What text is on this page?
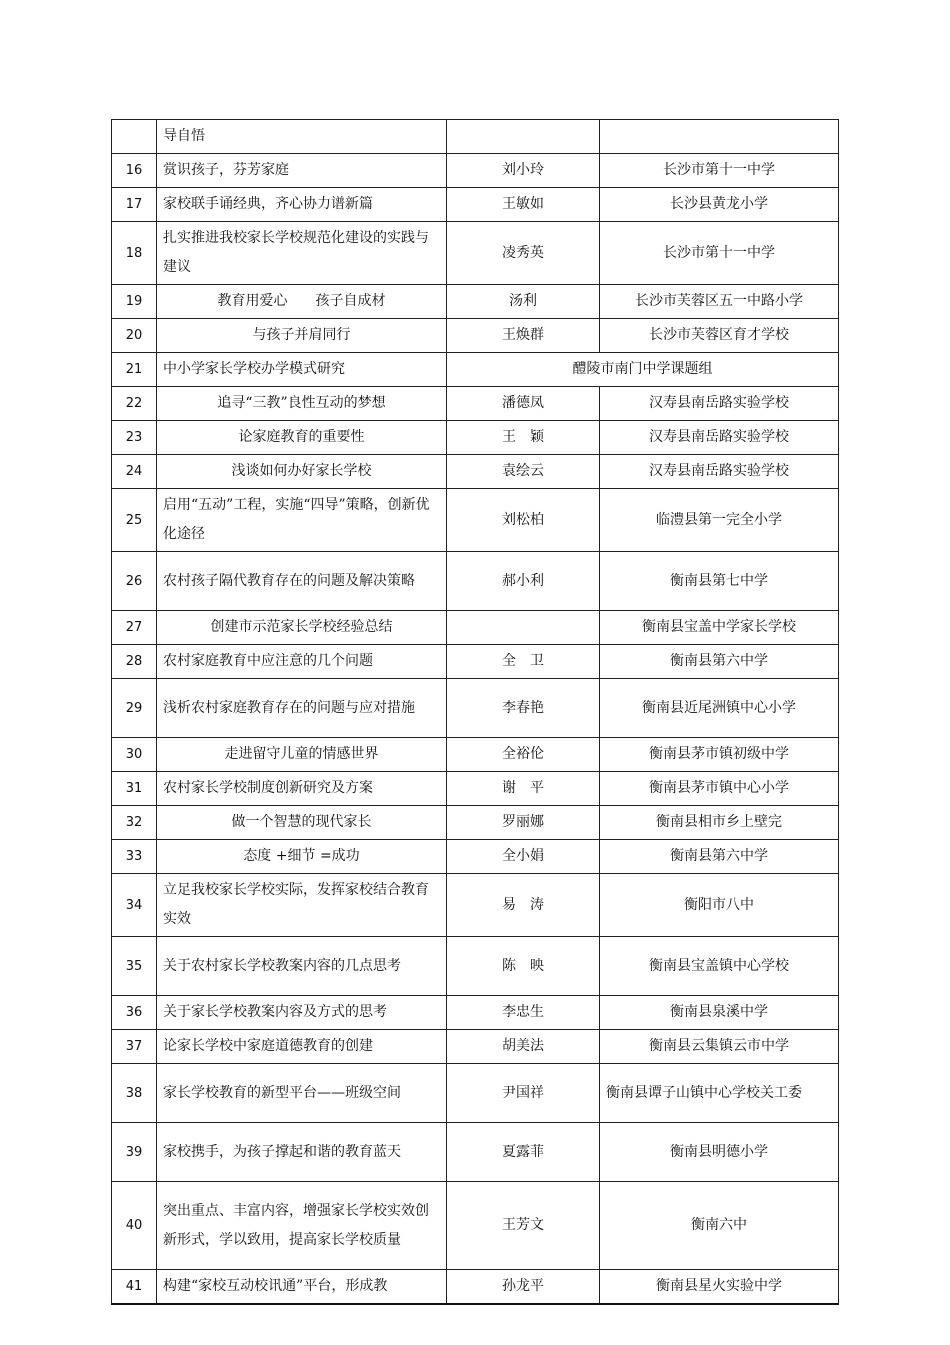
	导自悟		
16	赏识孩子，芬芳家庭	刘小玲	长沙市第十一中学
17	家校联手诵经典，齐心协力谱新篇	王敏如	长沙县黄龙小学
18	扎实推进我校家长学校规范化建设的实践与建议	凌秀英	长沙市第十一中学
19	教育用爱心　　孩子自成材	汤利	长沙市芙蓉区五一中路小学
20	与孩子并肩同行	王焕群	长沙市芙蓉区育才学校
21	中小学家长学校办学模式研究	醴陵市南门中学课题组	
22	追寻“三教”良性互动的梦想	潘德凤	汉寿县南岳路实验学校
23	论家庭教育的重要性	王　颖	汉寿县南岳路实验学校
24	浅谈如何办好家长学校	袁绘云	汉寿县南岳路实验学校
25	启用“五动”工程，实施“四导”策略，创新优化途径	刘松柏	临澧县第一完全小学
26	农村孩子隔代教育存在的问题及解决策略	郝小利	衡南县第七中学
27	创建市示范家长学校经验总结		衡南县宝盖中学家长学校
28	农村家庭教育中应注意的几个问题	全　卫	衡南县第六中学
29	浅析农村家庭教育存在的问题与应对措施	李春艳	衡南县近尾洲镇中心小学
30	走进留守儿童的情感世界	全裕伦	衡南县茅市镇初级中学
31	农村家长学校制度创新研究及方案	谢　平	衡南县茅市镇中心小学
32	做一个智慧的现代家长	罗丽娜	衡南县相市乡上壁完
33	态度 +细节 =成功	全小娟	衡南县第六中学
34	立足我校家长学校实际，发挥家校结合教育实效	易　涛	衡阳市八中
35	关于农村家长学校教案内容的几点思考	陈　映	衡南县宝盖镇中心学校
36	关于家长学校教案内容及方式的思考	李忠生	衡南县泉溪中学
37	论家长学校中家庭道德教育的创建	胡美法	衡南县云集镇云市中学
38	家长学校教育的新型平台——班级空间	尹国祥	衡南县谭子山镇中心学校关工委
39	家校携手，为孩子撑起和谐的教育蓝天	夏露菲	衡南县明德小学
40	突出重点、丰富内容，增强家长学校实效创新形式，学以致用，提高家长学校质量	王芳文	衡南六中
41	构建“家校互动校讯通”平台，形成教	孙龙平	衡南县星火实验中学
